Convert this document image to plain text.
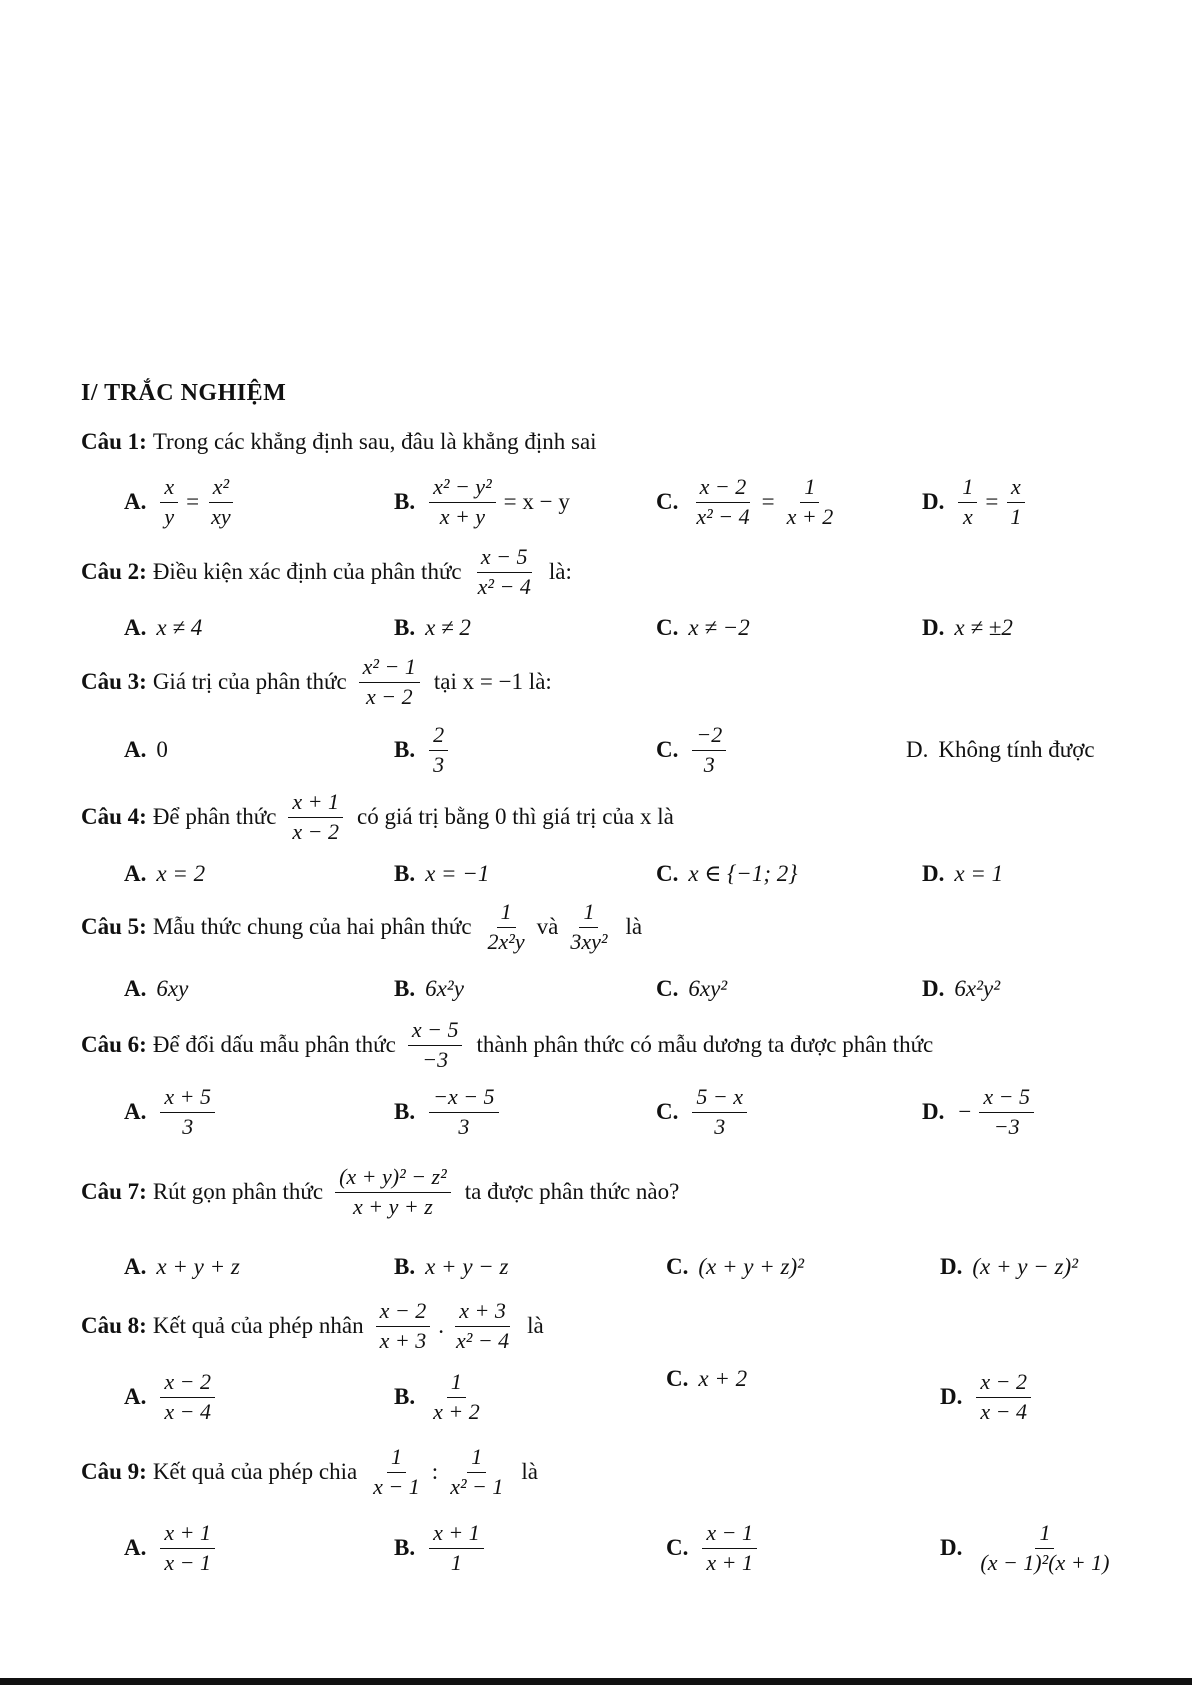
I/ TRẮC NGHIỆM
Câu 1: Trong các khẳng định sau, đâu là khẳng định sai
A. $\frac{x}{y} = \frac{\text{x²}}{xy}$	B. $\frac{\text{x² − y²}}{x + y} = x - y$	C. $\frac{x - 2}{\text{x² − 4}} = \frac{1}{x + 2}$	D. $\frac{1}{x} = \frac{x}{1}$
Câu 2: Điều kiện xác định của phân thức $\frac{x - 5}{\text{x² − 4}}$ là:
A. x ≠ 4	B. x ≠ 2	C. x ≠ −2	D. x ≠ ±2
Câu 3: Giá trị của phân thức $\frac{\text{x² − 1}}{x - 2}$ tại x = −1 là:
A. 0	B. $\frac{2}{3}$	C. $\frac{-2}{3}$	D. Không tính được
Câu 4: Để phân thức $\frac{x + 1}{x - 2}$ có giá trị bằng 0 thì giá trị của x là
A. x = 2	B. x = −1	C. x ∈ {−1; 2}	D. x = 1
Câu 5: Mẫu thức chung của hai phân thức $\frac{1}{\text{2x²y}}$ và $\frac{1}{\text{3xy²}}$ là
A. 6xy	B. 6x²y	C. 6xy²	D. 6x²y²
Câu 6: Để đổi dấu mẫu phân thức $\frac{x - 5}{-3}$ thành phân thức có mẫu dương ta được phân thức
A. $\frac{x + 5}{3}$	B. $\frac{-x - 5}{3}$	C. $\frac{5 - x}{3}$	D. − $\frac{x - 5}{-3}$
Câu 7: Rút gọn phân thức $\frac{\text{(x + y)² − z²}}{x + y + z}$ ta được phân thức nào?
A. x + y + z	B. x + y − z	C. (x + y + z)²	D. (x + y − z)²
Câu 8: Kết quả của phép nhân $\frac{x - 2}{x + 3}$ . $\frac{x + 3}{\text{x² − 4}}$ là
A. $\frac{x - 2}{x - 4}$	B. $\frac{1}{x + 2}$	C. x + 2
D. $\frac{x - 2}{x - 4}$
Câu 9: Kết quả của phép chia $\frac{1}{x - 1}$ : $\frac{1}{\text{x² − 1}}$ là
A. $\frac{x + 1}{x - 1}$	B. $\frac{x + 1}{1}$	C. $\frac{x - 1}{x + 1}$	D. $\frac{1}{\text{(x − 1)²(x + 1)}}$
